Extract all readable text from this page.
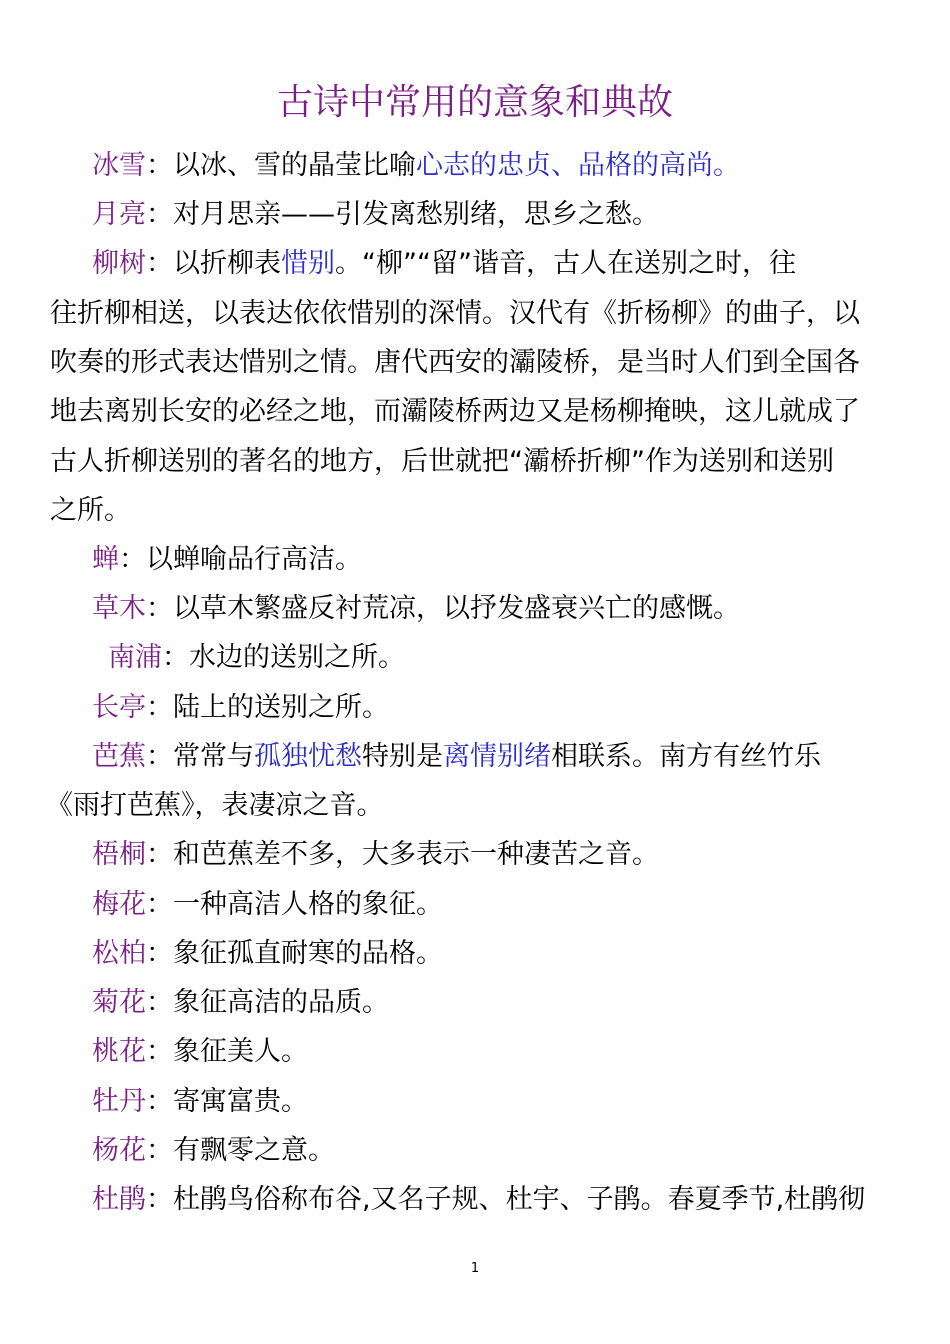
古诗中常用的意象和典故
冰雪：以冰、雪的晶莹比喻心志的忠贞、品格的高尚。
月亮：对月思亲——引发离愁别绪，思乡之愁。
柳树：以折柳表惜别。“柳”“留”谐音，古人在送别之时，往
往折柳相送，以表达依依惜别的深情。汉代有《折杨柳》的曲子，以
吹奏的形式表达惜别之情。唐代西安的灞陵桥，是当时人们到全国各
地去离别长安的必经之地，而灞陵桥两边又是杨柳掩映，这儿就成了
古人折柳送别的著名的地方，后世就把“灞桥折柳”作为送别和送别
之所。
蝉：以蝉喻品行高洁。
草木：以草木繁盛反衬荒凉，以抒发盛衰兴亡的感慨。
南浦：水边的送别之所。
长亭：陆上的送别之所。
芭蕉：常常与孤独忧愁特别是离情别绪相联系。南方有丝竹乐
《雨打芭蕉》，表凄凉之音。
梧桐：和芭蕉差不多，大多表示一种凄苦之音。
梅花：一种高洁人格的象征。
松柏：象征孤直耐寒的品格。
菊花：象征高洁的品质。
桃花：象征美人。
牡丹：寄寓富贵。
杨花：有飘零之意。
杜鹃：杜鹃鸟俗称布谷,又名子规、杜宇、子鹃。春夏季节,杜鹃彻
1
